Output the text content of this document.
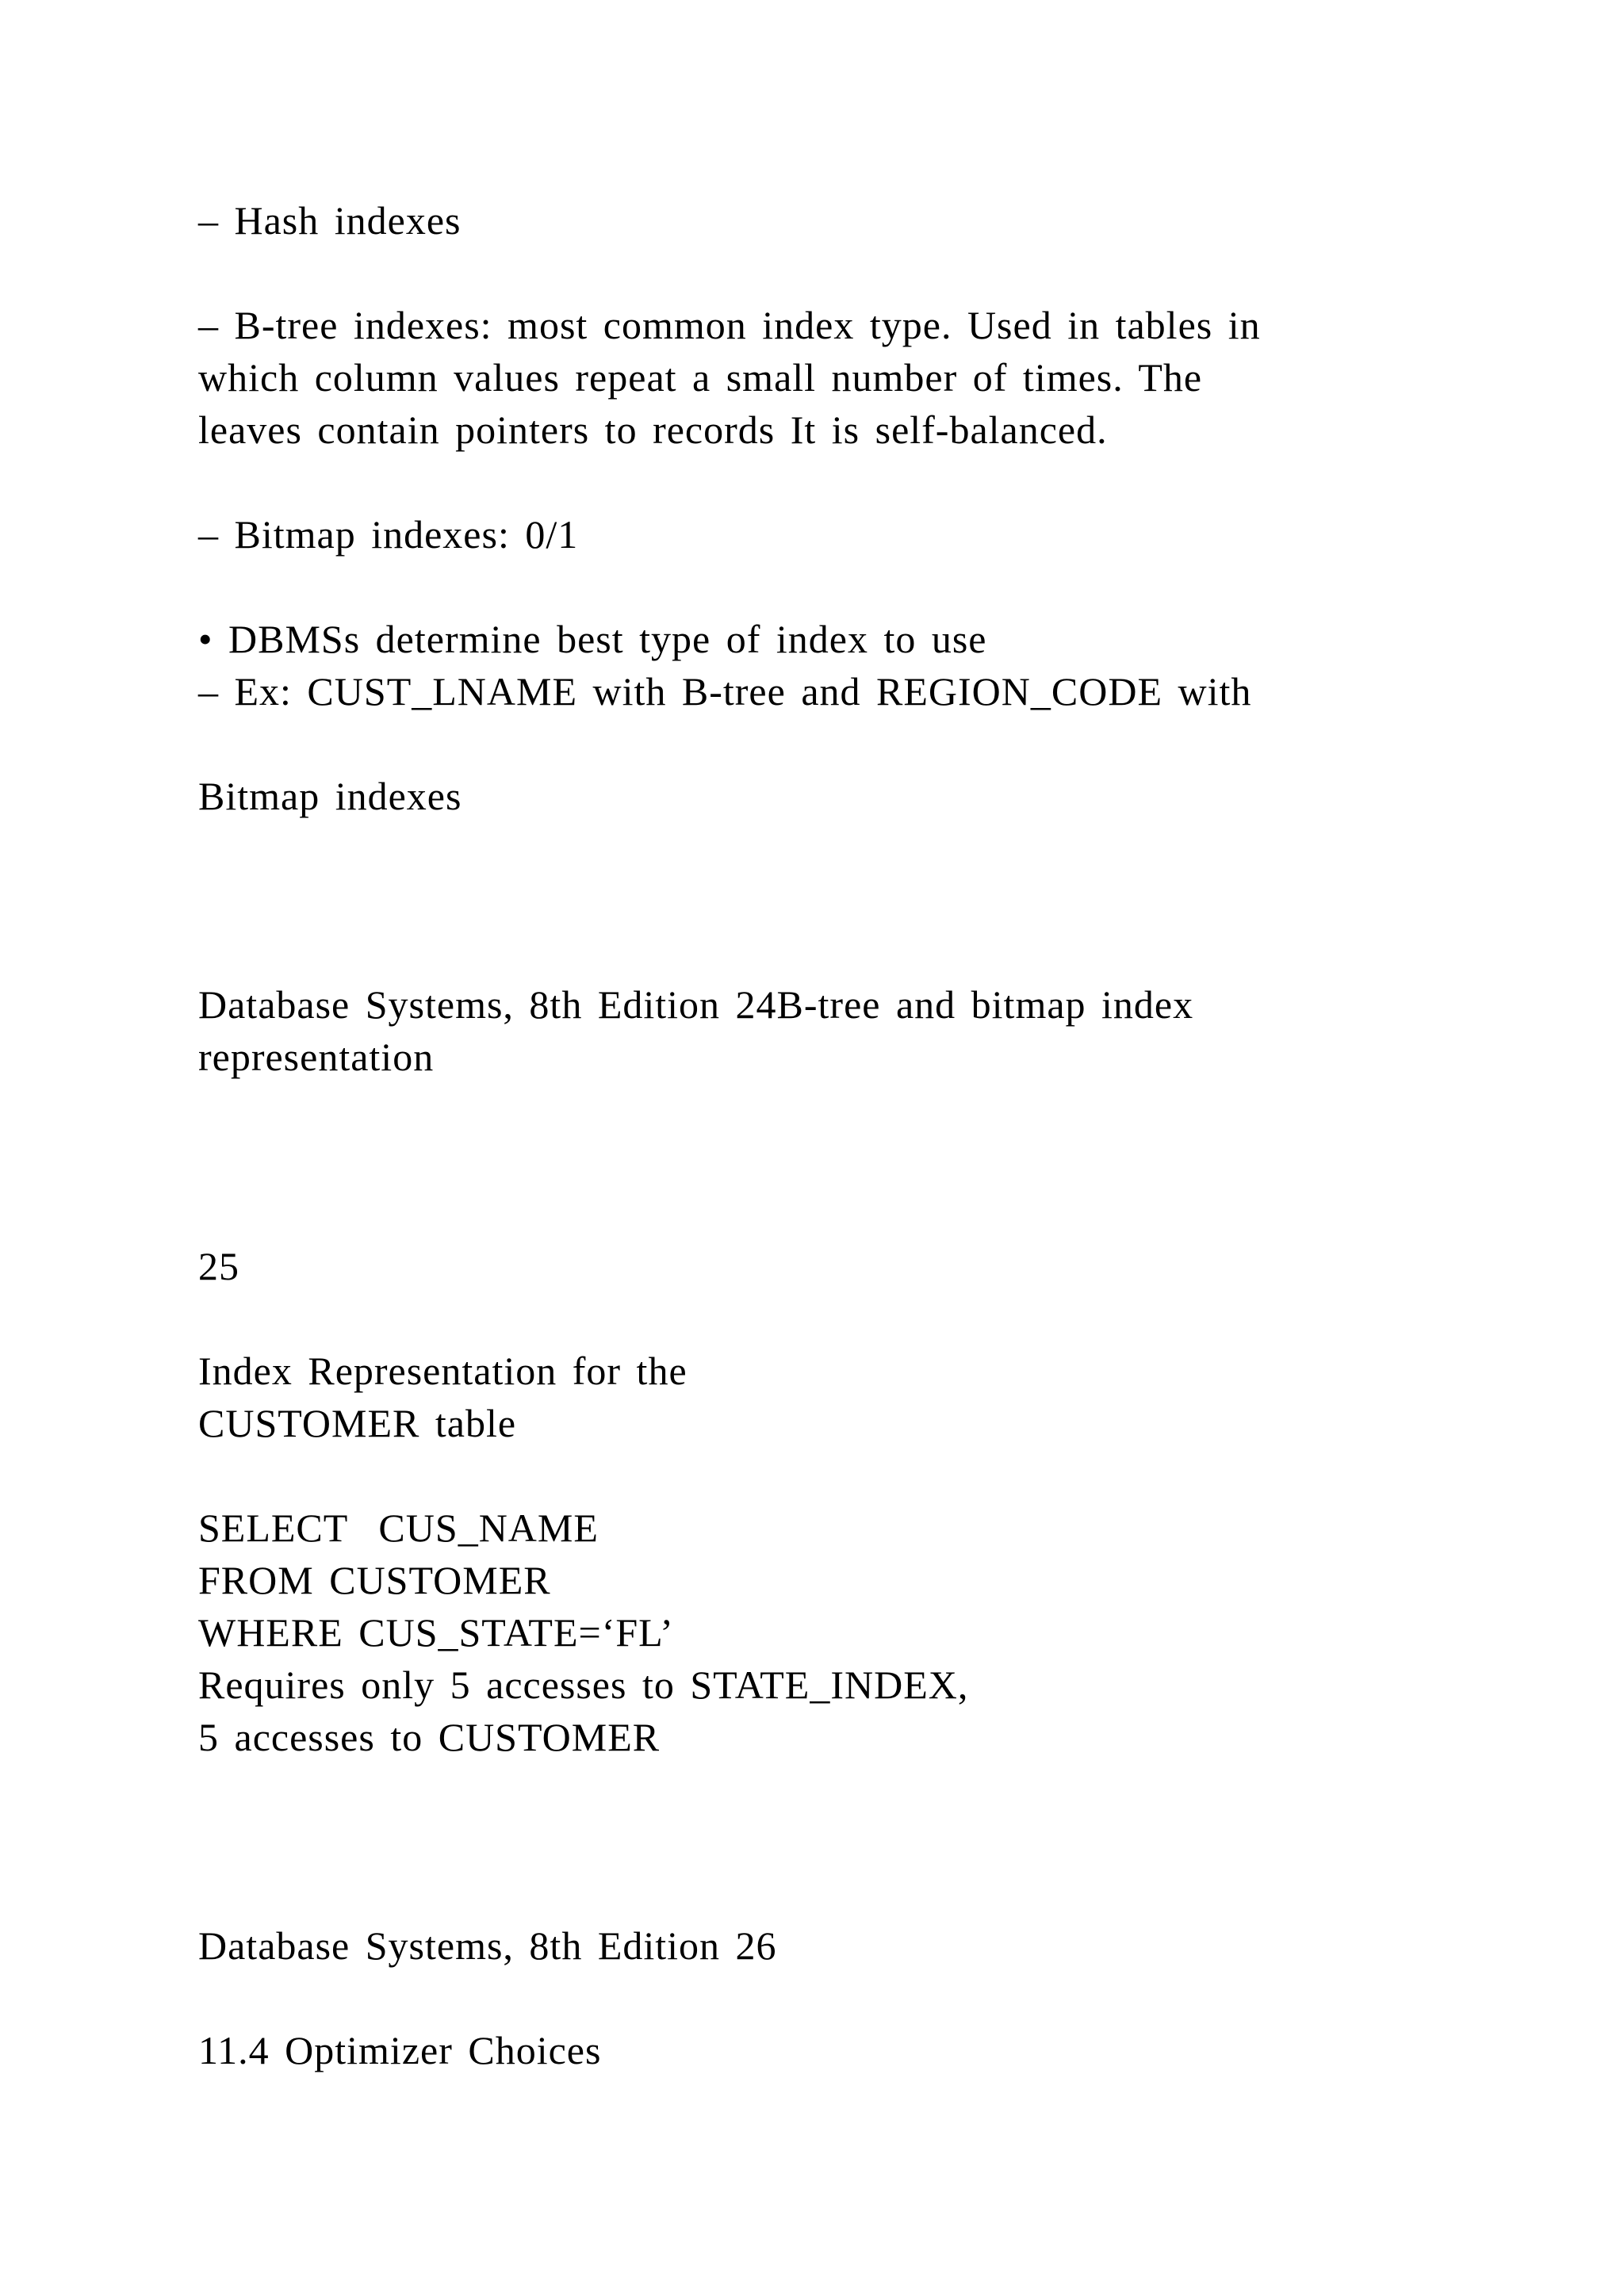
– Hash indexes

– B-tree indexes: most common index type. Used in tables in

which column values repeat a small number of times. The

leaves contain pointers to records It is self-balanced.

– Bitmap indexes: 0/1

• DBMSs determine best type of index to use

– Ex: CUST_LNAME with B-tree and REGION_CODE with

Bitmap indexes

Database Systems, 8th Edition 24B-tree and bitmap index

representation

25

Index Representation for the

CUSTOMER table

SELECT  CUS_NAME

FROM CUSTOMER

WHERE CUS_STATE=‘FL’

Requires only 5 accesses to STATE_INDEX,

5 accesses to CUSTOMER

Database Systems, 8th Edition 26

11.4 Optimizer Choices
